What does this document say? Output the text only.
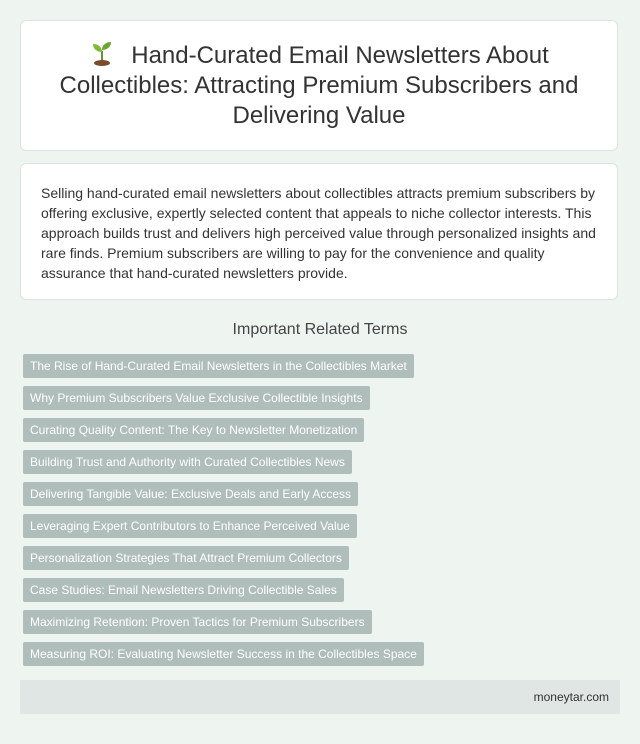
Hand-Curated Email Newsletters About Collectibles: Attracting Premium Subscribers and Delivering Value

Selling hand-curated email newsletters about collectibles attracts premium subscribers by offering exclusive, expertly selected content that appeals to niche collector interests. This approach builds trust and delivers high perceived value through personalized insights and rare finds. Premium subscribers are willing to pay for the convenience and quality assurance that hand-curated newsletters provide.

Important Related Terms
The Rise of Hand-Curated Email Newsletters in the Collectibles Market
Why Premium Subscribers Value Exclusive Collectible Insights
Curating Quality Content: The Key to Newsletter Monetization
Building Trust and Authority with Curated Collectibles News
Delivering Tangible Value: Exclusive Deals and Early Access
Leveraging Expert Contributors to Enhance Perceived Value
Personalization Strategies That Attract Premium Collectors
Case Studies: Email Newsletters Driving Collectible Sales
Maximizing Retention: Proven Tactics for Premium Subscribers
Measuring ROI: Evaluating Newsletter Success in the Collectibles Space
moneytar.com
